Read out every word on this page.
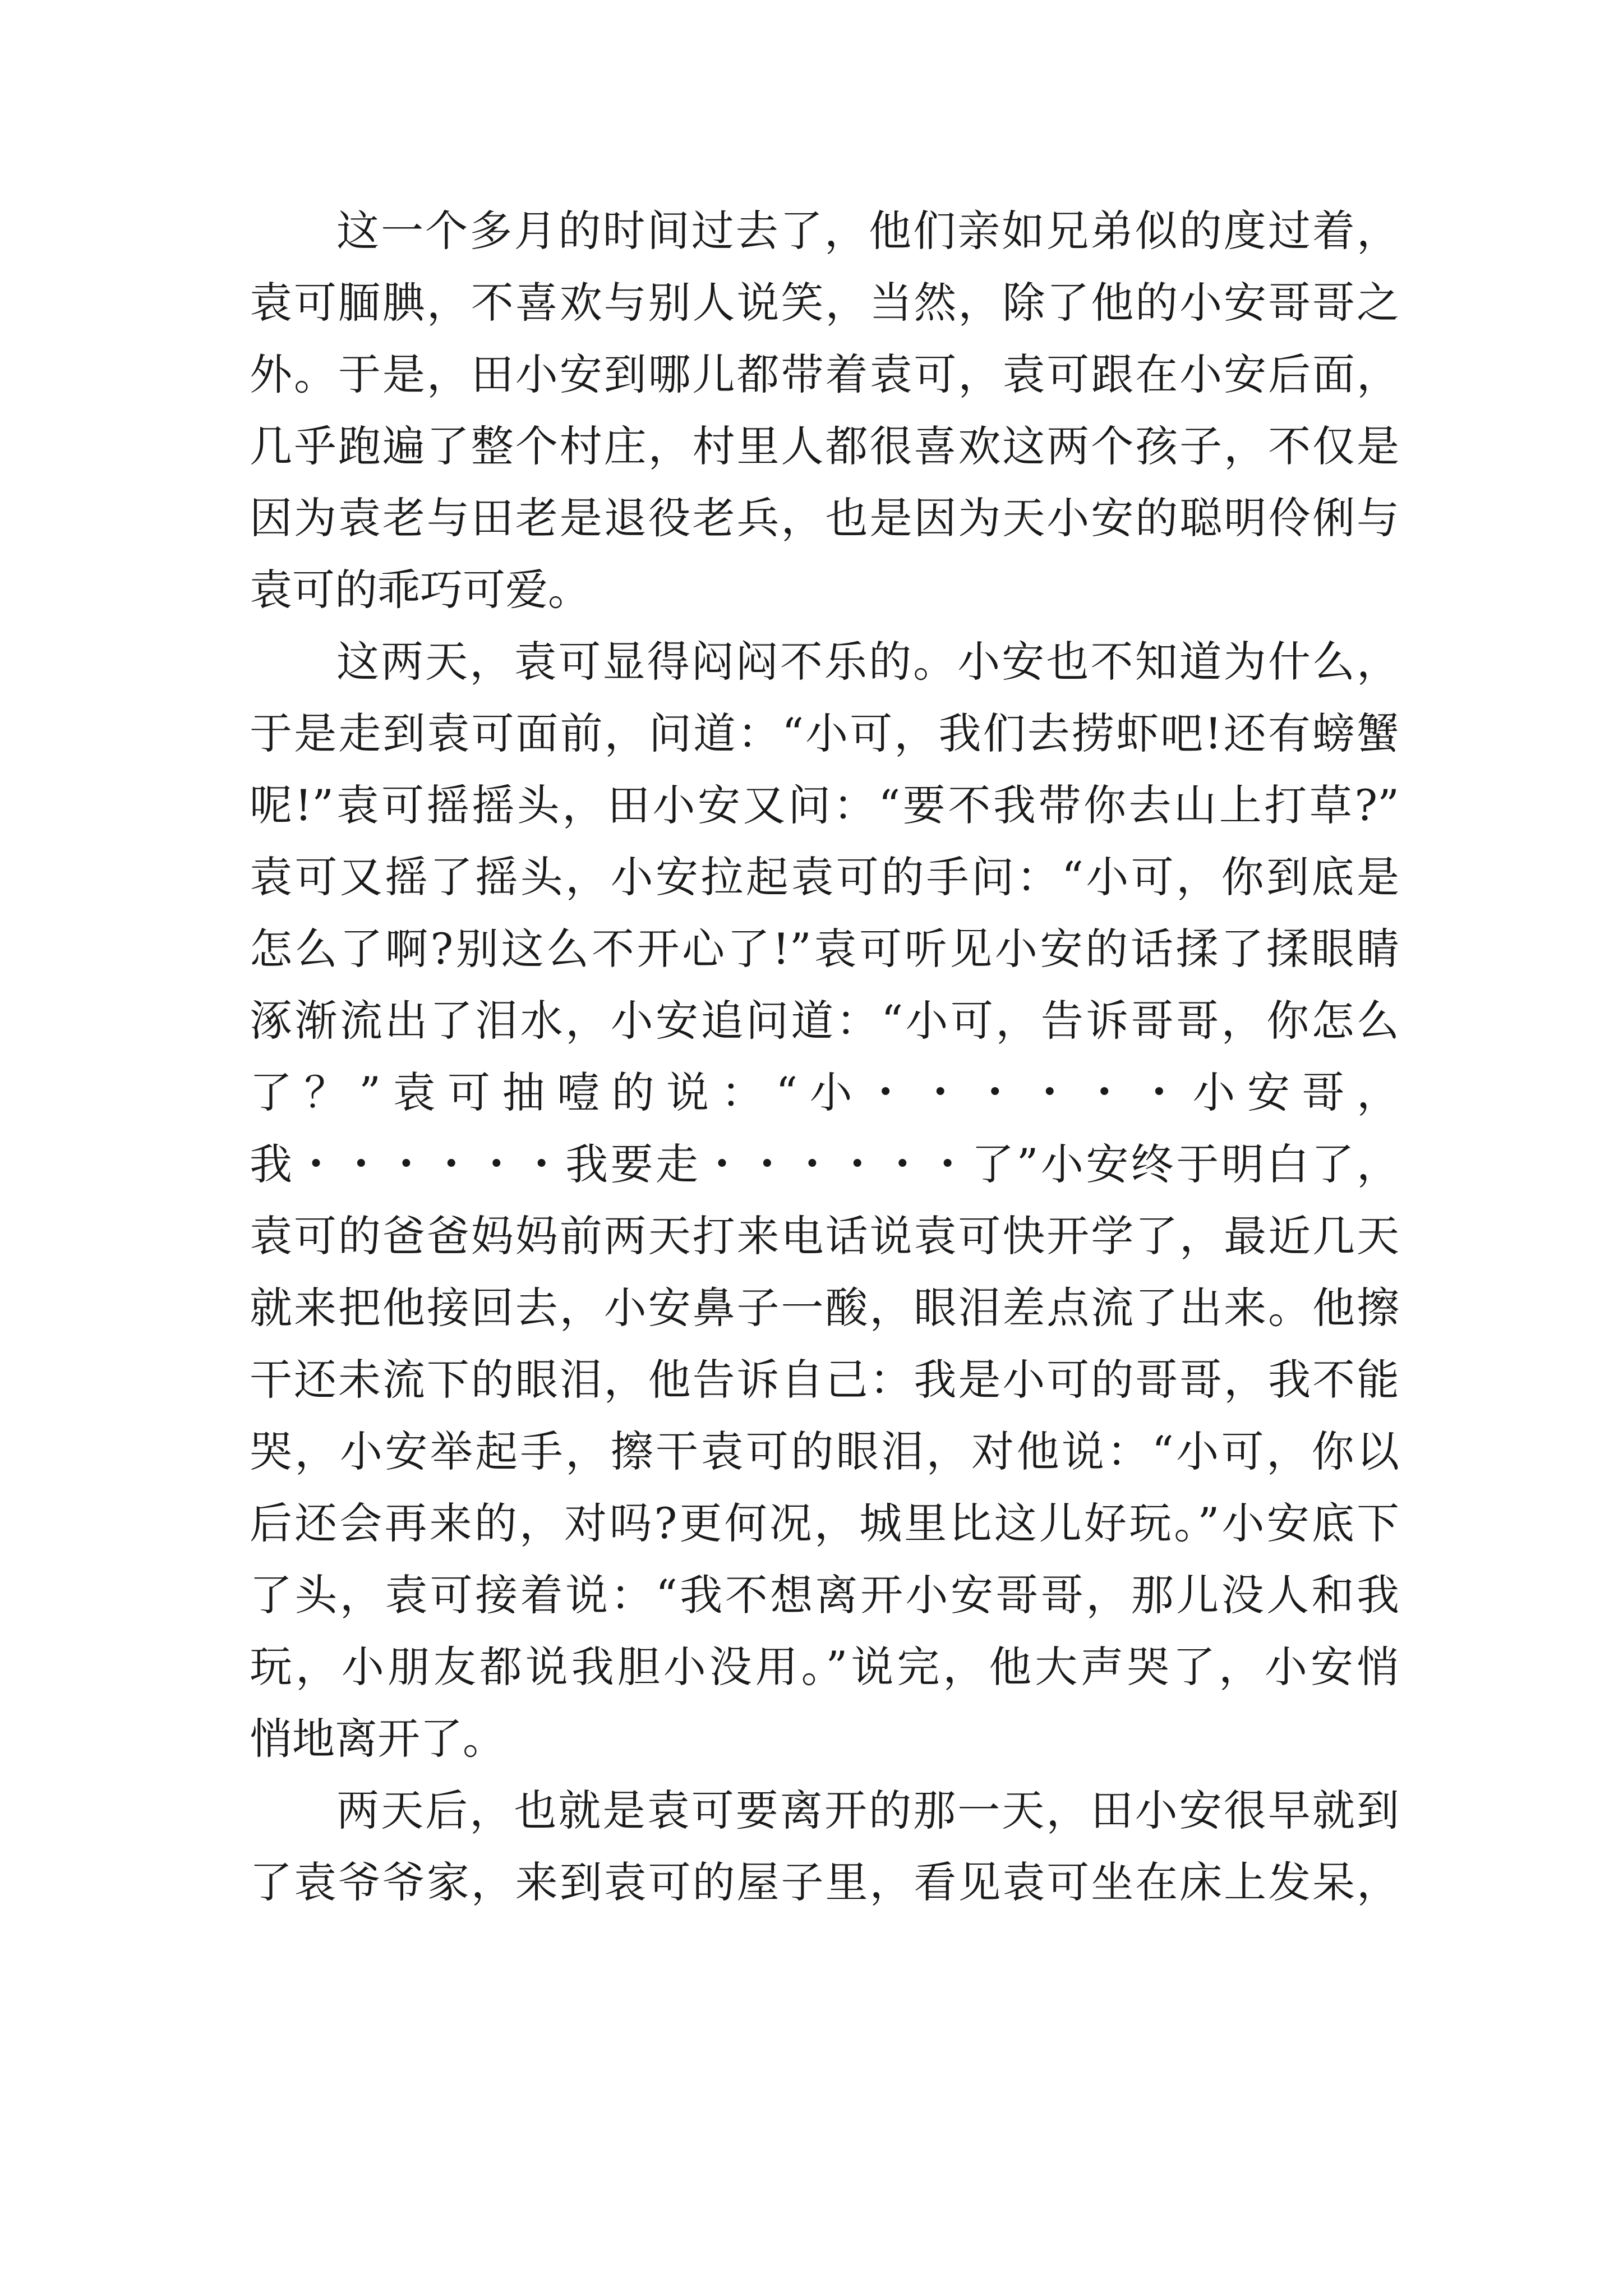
这一个多月的时间过去了，他们亲如兄弟似的度过着，
袁可腼腆，不喜欢与别人说笑，当然，除了他的小安哥哥之
外。于是，田小安到哪儿都带着袁可，袁可跟在小安后面，
几乎跑遍了整个村庄，村里人都很喜欢这两个孩子，不仅是
因为袁老与田老是退役老兵，也是因为天小安的聪明伶俐与
袁可的乖巧可爱。
这两天，袁可显得闷闷不乐的。小安也不知道为什么，
于是走到袁可面前，问道：“小可，我们去捞虾吧!还有螃蟹
呢!”袁可摇摇头，田小安又问：“要不我带你去山上打草?”
袁可又摇了摇头，小安拉起袁可的手问：“小可，你到底是
怎么了啊?别这么不开心了!”袁可听见小安的话揉了揉眼睛
涿渐流出了泪水，小安追问道：“小可，告诉哥哥，你怎么
了？”袁可抽噎的说：“小・・・・・・小安哥，
我・・・・・・我要走・・・・・・了”小安终于明白了，
袁可的爸爸妈妈前两天打来电话说袁可快开学了，最近几天
就来把他接回去，小安鼻子一酸，眼泪差点流了出来。他擦
干还未流下的眼泪，他告诉自己：我是小可的哥哥，我不能
哭，小安举起手，擦干袁可的眼泪，对他说：“小可，你以
后还会再来的，对吗?更何况，城里比这儿好玩。”小安底下
了头，袁可接着说：“我不想离开小安哥哥，那儿没人和我
玩，小朋友都说我胆小没用。”说完，他大声哭了，小安悄
悄地离开了。
两天后，也就是袁可要离开的那一天，田小安很早就到
了袁爷爷家，来到袁可的屋子里，看见袁可坐在床上发呆，
